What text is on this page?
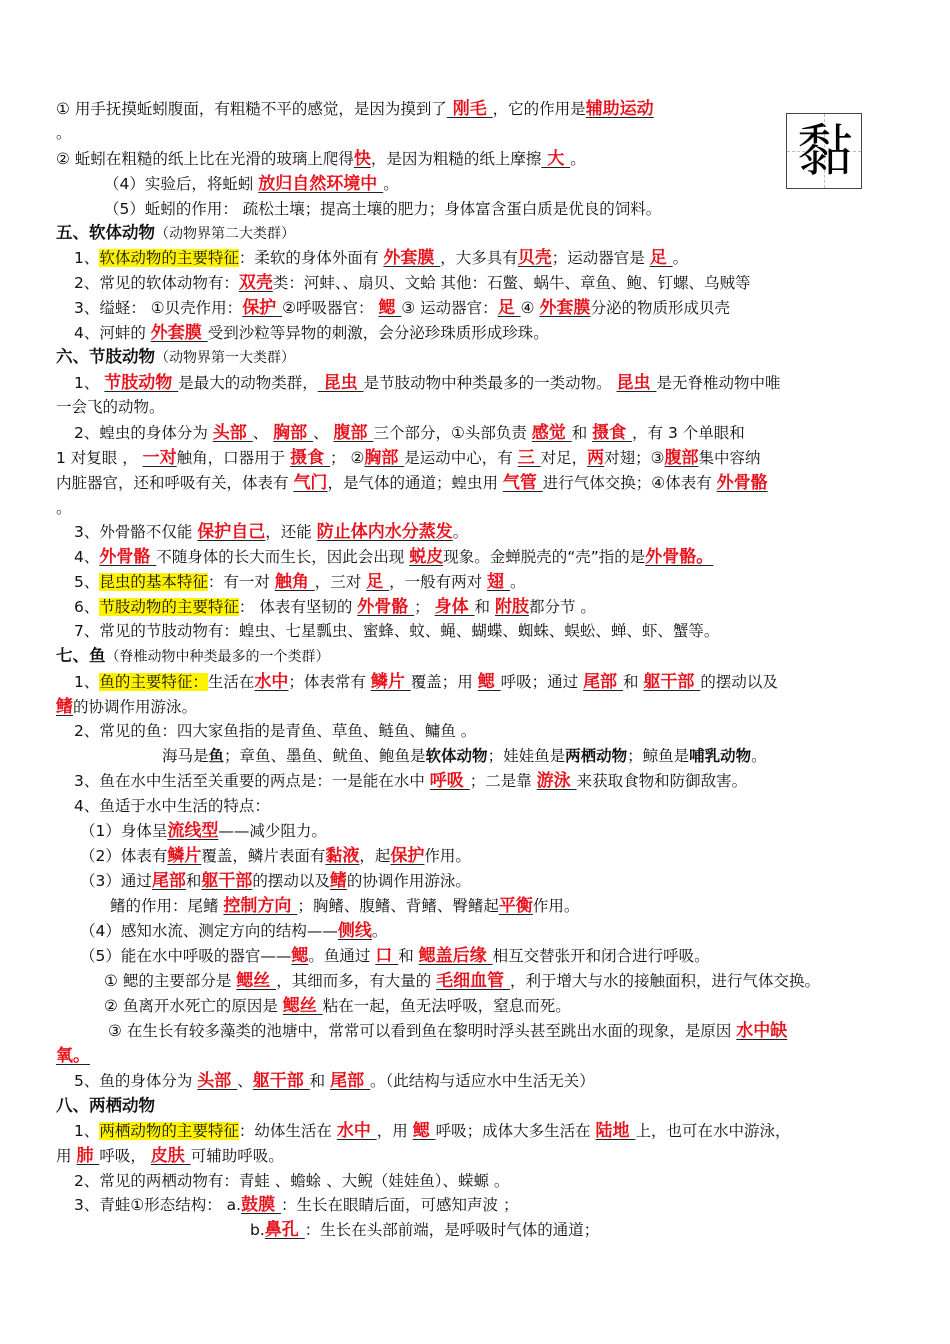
黏
① 用手抚摸蚯蚓腹面，有粗糙不平的感觉，是因为摸到了 刚毛 ，它的作用是辅助运动
。
② 蚯蚓在粗糙的纸上比在光滑的玻璃上爬得快，是因为粗糙的纸上摩擦 大 。
（4）实验后，将蚯蚓 放归自然环境中 。
（5）蚯蚓的作用： 疏松土壤；提高土壤的肥力；身体富含蛋白质是优良的饲料。
五、软体动物（动物界第二大类群）
1、软体动物的主要特征：柔软的身体外面有 外套膜 ，大多具有贝壳；运动器官是 足 。
2、常见的软体动物有：双壳类：河蚌、、扇贝、文蛤 其他：石鳖、蜗牛、章鱼、鲍、钉螺、乌贼等
3、缢蛏： ①贝壳作用：保护 ②呼吸器官： 鳃 ③ 运动器官：足 ④ 外套膜分泌的物质形成贝壳
4、河蚌的 外套膜 受到沙粒等异物的刺激，会分泌珍珠质形成珍珠。
六、节肢动物（动物界第一大类群）
1、 节肢动物 是最大的动物类群， 昆虫 是节肢动物中种类最多的一类动物。 昆虫 是无脊椎动物中唯
一会飞的动物。
2、蝗虫的身体分为 头部 、 胸部 、 腹部 三个部分，①头部负责 感觉 和 摄食 ，有 3 个单眼和
1 对复眼 ， 一对触角，口器用于 摄食 ； ②胸部 是运动中心，有 三 对足，两对翅；③腹部集中容纳
内脏器官，还和呼吸有关，体表有 气门，是气体的通道；蝗虫用 气管 进行气体交换；④体表有 外骨骼
。
3、外骨骼不仅能 保护自己，还能 防止体内水分蒸发。
4、外骨骼 不随身体的长大而生长，因此会出现 蜕皮现象。金蝉脱壳的“壳”指的是外骨骼。
5、昆虫的基本特征：有一对 触角 ，三对 足 ，一般有两对 翅 。
6、节肢动物的主要特征： 体表有坚韧的 外骨骼 ； 身体 和 附肢都分节 。
7、常见的节肢动物有：蝗虫、七星瓢虫、蜜蜂、蚊、蝇、蝴蝶、蜘蛛、蜈蚣、蝉、虾、蟹等。
七、鱼（脊椎动物中种类最多的一个类群）
1、鱼的主要特征：生活在水中；体表常有 鳞片 覆盖；用 鳃 呼吸；通过 尾部 和 躯干部 的摆动以及
鳍的协调作用游泳。
2、常见的鱼：四大家鱼指的是青鱼、草鱼、鲢鱼、鳙鱼 。
海马是鱼；章鱼、墨鱼、鱿鱼、鲍鱼是软体动物；娃娃鱼是两栖动物；鲸鱼是哺乳动物。
3、鱼在水中生活至关重要的两点是：一是能在水中 呼吸 ；二是靠 游泳 来获取食物和防御敌害。
4、鱼适于水中生活的特点：
（1）身体呈流线型——减少阻力。
（2）体表有鳞片覆盖，鳞片表面有黏液，起保护作用。
（3）通过尾部和躯干部的摆动以及鳍的协调作用游泳。
鳍的作用：尾鳍 控制方向 ；胸鳍、腹鳍、背鳍、臀鳍起平衡作用。
（4）感知水流、测定方向的结构——侧线。
（5）能在水中呼吸的器官——鳃。鱼通过 口 和 鳃盖后缘 相互交替张开和闭合进行呼吸。
① 鳃的主要部分是 鳃丝 ，其细而多，有大量的 毛细血管 ，利于增大与水的接触面积，进行气体交换。
② 鱼离开水死亡的原因是 鳃丝 粘在一起，鱼无法呼吸，窒息而死。
③ 在生长有较多藻类的池塘中，常常可以看到鱼在黎明时浮头甚至跳出水面的现象，是原因 水中缺
氧。
5、鱼的身体分为 头部 、躯干部 和 尾部 。（此结构与适应水中生活无关）
八、两栖动物
1、两栖动物的主要特征：幼体生活在 水中 ，用 鳃 呼吸；成体大多生活在 陆地 上，也可在水中游泳，
用 肺 呼吸， 皮肤 可辅助呼吸。
2、常见的两栖动物有：青蛙 、蟾蜍 、大鲵（娃娃鱼）、蝾螈 。
3、青蛙①形态结构： a.鼓膜 ：生长在眼睛后面，可感知声波 ；
b.鼻孔 ：生长在头部前端，是呼吸时气体的通道；
